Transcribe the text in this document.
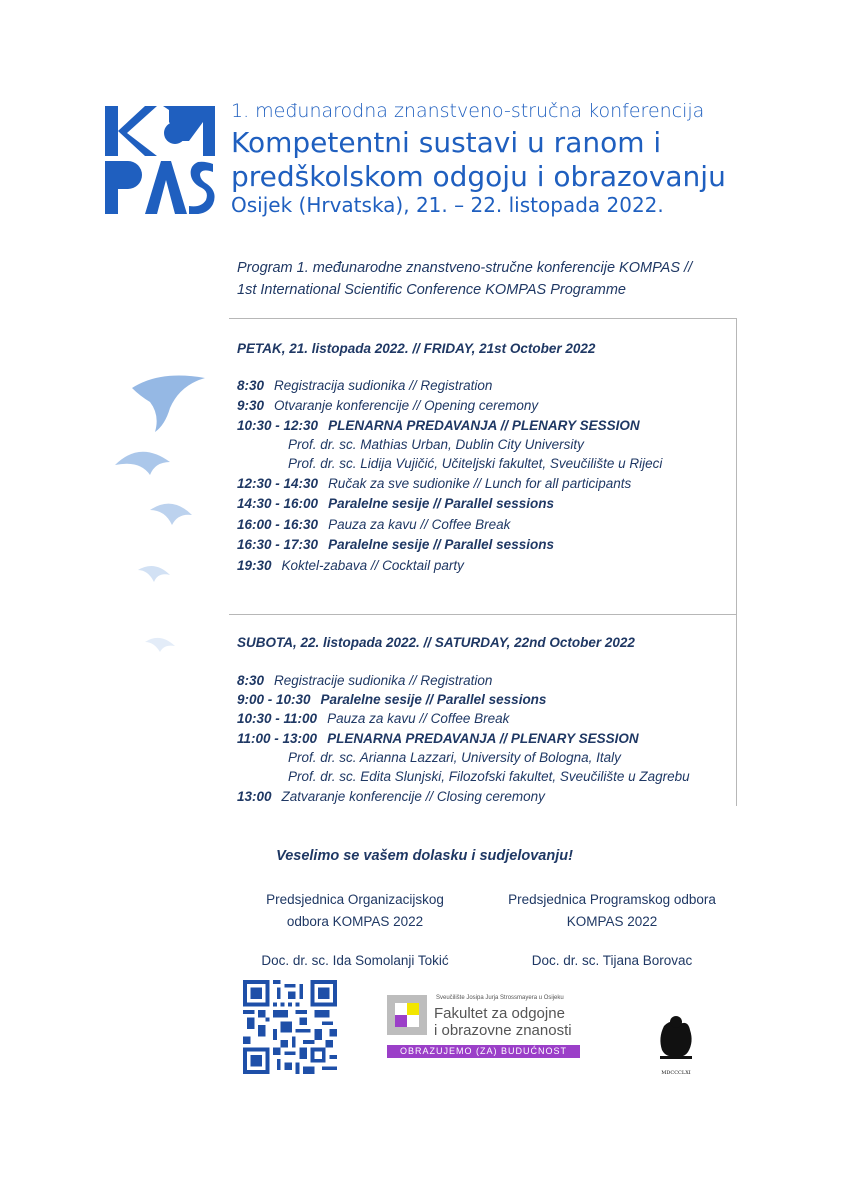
1. međunarodna znanstveno-stručna konferencija
Kompetentni sustavi u ranom i
predškolskom odgoju i obrazovanju
Osijek (Hrvatska), 21. – 22. listopada 2022.
Program 1. međunarodne znanstveno-stručne konferencije KOMPAS //
1st International Scientific Conference KOMPAS Programme
PETAK, 21. listopada 2022. // FRIDAY, 21st October 2022
8:30 Registracija sudionika // Registration
9:30 Otvaranje konferencije // Opening ceremony
10:30 - 12:30 PLENARNA PREDAVANJA // PLENARY SESSION
Prof. dr. sc. Mathias Urban, Dublin City University
Prof. dr. sc. Lidija Vujičić, Učiteljski fakultet, Sveučilište u Rijeci
12:30 - 14:30 Ručak za sve sudionike // Lunch for all participants
14:30 - 16:00 Paralelne sesije // Parallel sessions
16:00 - 16:30 Pauza za kavu // Coffee Break
16:30 - 17:30 Paralelne sesije // Parallel sessions
19:30 Koktel-zabava // Cocktail party
SUBOTA, 22. listopada 2022. // SATURDAY, 22nd October 2022
8:30 Registracije sudionika // Registration
9:00 - 10:30 Paralelne sesije // Parallel sessions
10:30 - 11:00 Pauza za kavu // Coffee Break
11:00 - 13:00 PLENARNA PREDAVANJA // PLENARY SESSION
Prof. dr. sc. Arianna Lazzari, University of Bologna, Italy
Prof. dr. sc. Edita Slunjski, Filozofski fakultet, Sveučilište u Zagrebu
13:00 Zatvaranje konferencije // Closing ceremony
Veselimo se vašem dolasku i sudjelovanju!
Predsjednica Organizacijskog
odbora KOMPAS 2022
Doc. dr. sc. Ida Somolanji Tokić
Predsjednica Programskog odbora
KOMPAS 2022
Doc. dr. sc. Tijana Borovac
Sveučilište Josipa Jurja Strossmayera u Osijeku
Fakultet za odgojne
i obrazovne znanosti
OBRAZUJEMO (ZA) BUDUĆNOST
MDCCCLXI
